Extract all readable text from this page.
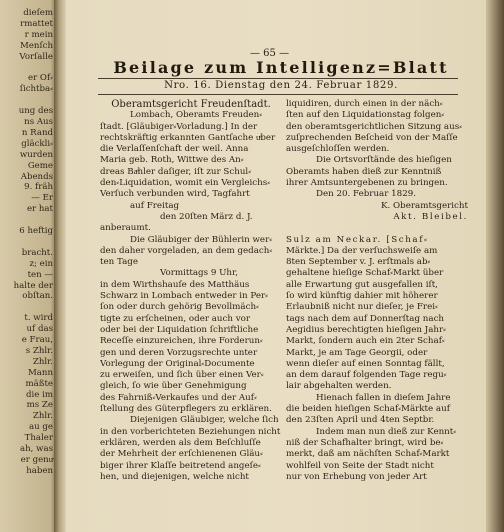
dieſem
rmattet
r mein
Menſch
Vorſalle
er Of⸗
ſichtba⸗
ung des
ns Aus
n Rand
gläckli⸗
wurden
Geme
Abends
9. fräh
— Er
er hat
6 heftig
bracht.
z; ein
ten —
halte der
obſtan.
t. wird
uf das
e Frau,
s Zhlr.
Zhlr.
Mann
mäßte
die im
ms Ze
Zhlr.
au ge
Thaler
ah, was
er genuͤ
haben
— 65 —
Beilage zum Intelligenz=Blatt
Nro. 16. Dienstag den 24. Februar 1829.
Oberamtsgericht Freudenſtadt.
Lombach, Oberamts Freuden⸗
ſtadt. [Gläubiger⸗Vorladung.] In der
rechtskräftig erkannten Gantſache uͤber
die Verlaſſenſchaft der weil. Anna
Maria geb. Roth, Wittwe des An⸗
dreas Baͤhler daſiger, iſt zur Schul⸗
den⸗Liquidation, womit ein Vergleichs⸗
Verſuch verbunden wird, Tagfahrt
auf Freitag
den 20ſten März d. J.
anberaumt.
Die Gläubiger der Bühlerin wer⸗
den daher vorgeladen, an dem gedach⸗
ten Tage
Vormittags 9 Uhr,
in dem Wirthshauſe des Matthäus
Schwarz in Lombach entweder in Per⸗
ſon oder durch gehörig Bevollmäch⸗
tigte zu erſcheinen, oder auch vor
oder bei der Liquidation ſchriftliche
Receſſe einzureichen, ihre Forderun⸗
gen und deren Vorzugsrechte unter
Vorlegung der Original⸗Documente
zu erweiſen, und ſich über einen Ver⸗
gleich, ſo wie über Genehmigung
des Fahrniß⸗Verkaufes und der Auf⸗
ſtellung des Güterpflegers zu erklären.
Diejenigen Gläubiger, welche ſich
in den vorberichteten Beziehungen nicht
erklären, werden als dem Beſchluſſe
der Mehrheit der erſchienenen Gläu⸗
biger ihrer Klaſſe beitretend angeſe⸗
hen, und diejenigen, welche nicht
liquidiren, durch einen in der näch⸗
ſten auf den Liquidationstag folgen⸗
den oberamtsgerichtlichen Sitzung aus⸗
zuſprechenden Beſcheid von der Maſſe
ausgeſchloſſen werden.
Die Ortsvorſtände des hieſigen
Oberamts haben dieß zur Kenntniß
ihrer Amtsuntergebenen zu bringen.
Den 20. Februar 1829.
K. Oberamtsgericht
Akt. Bleibel.
Sulz am Neckar. [Schaf⸗
Märkte.] Da der verſuchsweiſe am
8ten September v. J. erſtmals ab⸗
gehaltene hieſige Schaf⸗Markt über
alle Erwartung gut ausgefallen iſt,
ſo wird künftig dahier mit höherer
Erlaubniß nicht nur dieſer, je Frei⸗
tags nach dem auf Donnerſtag nach
Aegidius berechtigten hieſigen Jahr⸗
Markt, ſondern auch ein 2ter Schaf⸗
Markt, je am Tage Georgii, oder
wenn dieſer auf einen Sonntag fällt,
an dem darauf folgenden Tage regu⸗
lair abgehalten werden.
Hienach fallen in dieſem Jahre
die beiden hieſigen Schaf⸗Märkte auf
den 23ſten April und 4ten Septbr.
Indem man nun dieß zur Kennt⸗
niß der Schafhalter bringt, wird be⸗
merkt, daß am nächſten Schaf⸗Markt
wohlfeil von Seite der Stadt nicht
nur von Erhebung von jeder Art
